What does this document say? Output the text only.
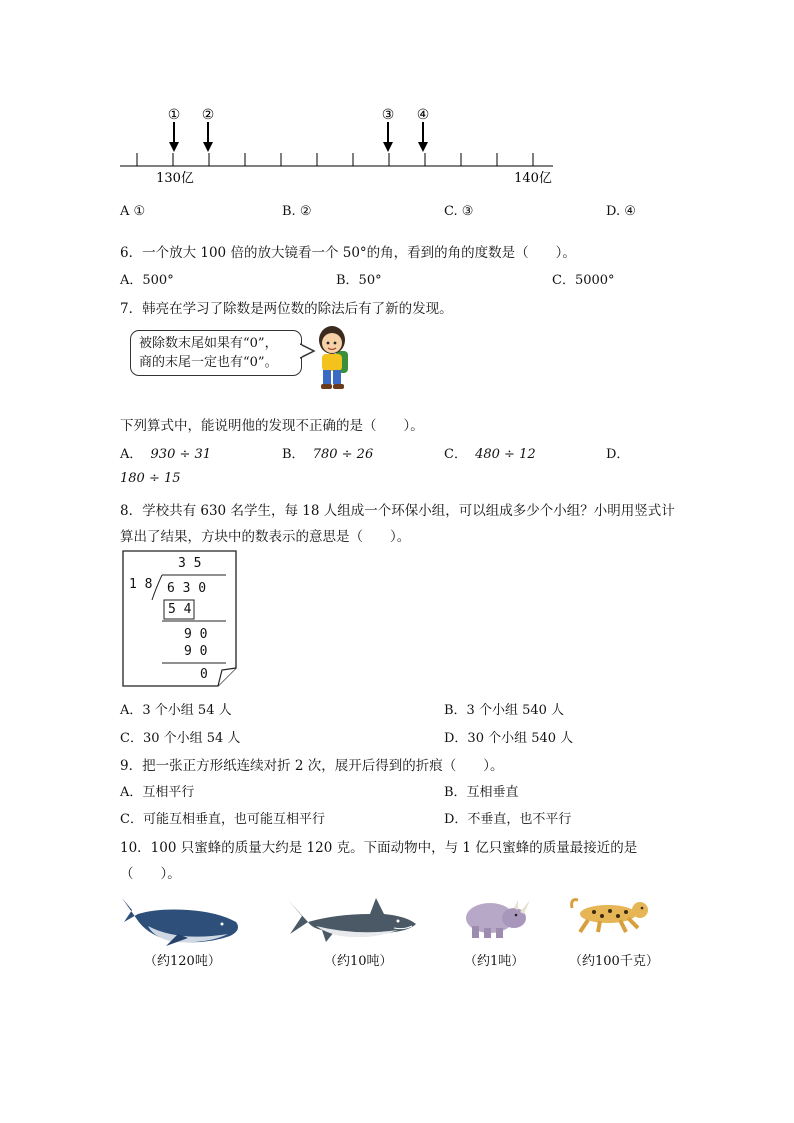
① ②	③ ④
130亿	140亿
A ①	B. ②	C. ③	D. ④
6．一个放大 100 倍的放大镜看一个 50°的角，看到的角的度数是（　　）。
A．500°	B．50°	C．5000°
7．韩亮在学习了除数是两位数的除法后有了新的发现。
被除数末尾如果有“0”，
商的末尾一定也有“0”。
下列算式中，能说明他的发现不正确的是（　　）。
A． 930 ÷ 31	B． 780 ÷ 26	C． 480 ÷ 12	D．
180 ÷ 15
8．学校共有 630 名学生，每 18 人组成一个环保小组，可以组成多少个小组？小明用竖式计
算出了结果，方块中的数表示的意思是（　　）。
3 5
1 8 6 3 0
5 4
9 0
9 0
0
A．3 个小组 54 人	B．3 个小组 540 人
C．30 个小组 54 人	D．30 个小组 540 人
9．把一张正方形纸连续对折 2 次，展开后得到的折痕（　　）。
A．互相平行	B．互相垂直
C．可能互相垂直，也可能互相平行	D．不垂直，也不平行
10．100 只蜜蜂的质量大约是 120 克。下面动物中，与 1 亿只蜜蜂的质量最接近的是
（　　）。
（约120吨）	（约10吨）	（约1吨）	（约100千克）
